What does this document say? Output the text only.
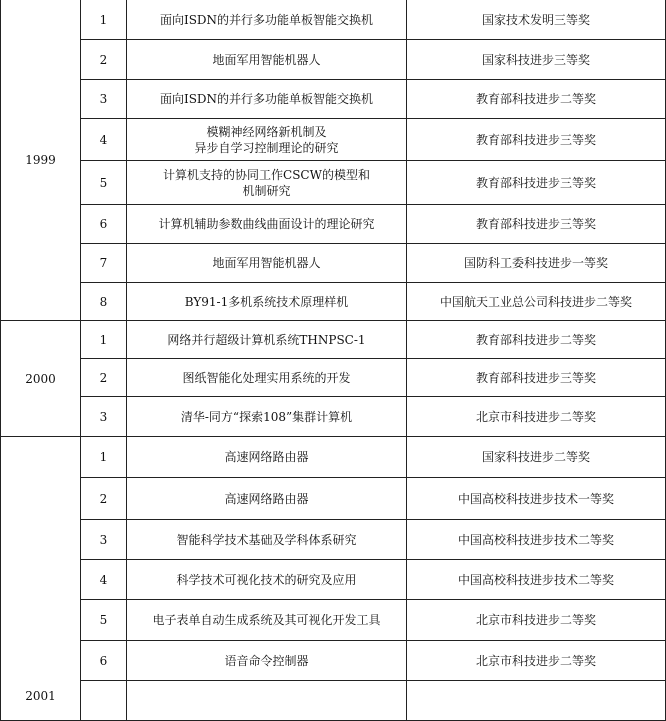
1999	1	面向ISDN的并行多功能单板智能交换机	国家技术发明三等奖
	2	地面军用智能机器人	国家科技进步三等奖
	3	面向ISDN的并行多功能单板智能交换机	教育部科技进步二等奖
	4	模糊神经网络新机制及
异步自学习控制理论的研究	教育部科技进步三等奖
	5	计算机支持的协同工作CSCW的模型和
机制研究	教育部科技进步三等奖
	6	计算机辅助参数曲线曲面设计的理论研究	教育部科技进步三等奖
	7	地面军用智能机器人	国防科工委科技进步一等奖
	8	BY91-1多机系统技术原理样机	中国航天工业总公司科技进步二等奖
2000	1	网络并行超级计算机系统THNPSC-1	教育部科技进步二等奖
	2	图纸智能化处理实用系统的开发	教育部科技进步三等奖
	3	清华-同方“探索108”集群计算机	北京市科技进步二等奖
2001	1	高速网络路由器	国家科技进步二等奖
	2	高速网络路由器	中国高校科技进步技术一等奖
	3	智能科学技术基础及学科体系研究	中国高校科技进步技术二等奖
	4	科学技术可视化技术的研究及应用	中国高校科技进步技术二等奖
	5	电子表单自动生成系统及其可视化开发工具	北京市科技进步二等奖
	6	语音命令控制器	北京市科技进步二等奖
